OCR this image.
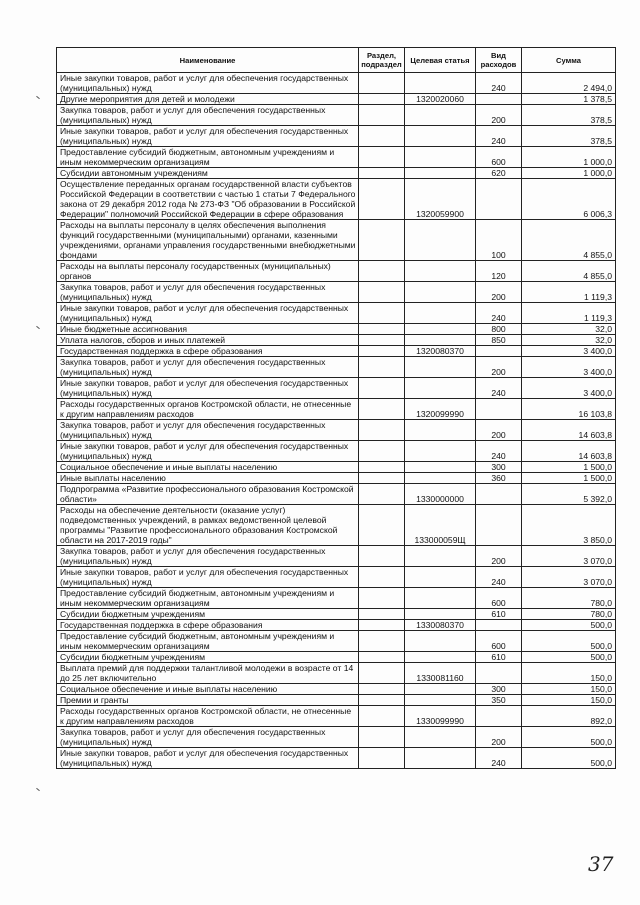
Наименование	Раздел, подраздел	Целевая статья	Вид расходов	Сумма
Иные закупки товаров, работ и услуг для обеспечения государственных (муниципальных) нужд			240	2 494,0
Другие мероприятия для детей и молодежи		1320020060		1 378,5
Закупка товаров, работ и услуг для обеспечения государственных (муниципальных) нужд			200	378,5
Иные закупки товаров, работ и услуг для обеспечения государственных (муниципальных) нужд			240	378,5
Предоставление субсидий бюджетным, автономным учреждениям и иным некоммерческим организациям			600	1 000,0
Субсидии автономным учреждениям			620	1 000,0
Осуществление переданных органам государственной власти субъектов Российской Федерации в соответствии с частью 1 статьи 7 Федерального закона от 29 декабря 2012 года № 273-ФЗ "Об образовании в Российской Федерации" полномочий Российской Федерации в сфере образования		1320059900		6 006,3
Расходы на выплаты персоналу в целях обеспечения выполнения функций государственными (муниципальными) органами, казенными учреждениями, органами управления государственными внебюджетными фондами			100	4 855,0
Расходы на выплаты персоналу государственных (муниципальных) органов			120	4 855,0
Закупка товаров, работ и услуг для обеспечения государственных (муниципальных) нужд			200	1 119,3
Иные закупки товаров, работ и услуг для обеспечения государственных (муниципальных) нужд			240	1 119,3
Иные бюджетные ассигнования			800	32,0
Уплата налогов, сборов и иных платежей			850	32,0
Государственная поддержка в сфере образования		1320080370		3 400,0
Закупка товаров, работ и услуг для обеспечения государственных (муниципальных) нужд			200	3 400,0
Иные закупки товаров, работ и услуг для обеспечения государственных (муниципальных) нужд			240	3 400,0
Расходы государственных органов Костромской области, не отнесенные к другим направлениям расходов		1320099990		16 103,8
Закупка товаров, работ и услуг для обеспечения государственных (муниципальных) нужд			200	14 603,8
Иные закупки товаров, работ и услуг для обеспечения государственных (муниципальных) нужд			240	14 603,8
Социальное обеспечение и иные выплаты населению			300	1 500,0
Иные выплаты населению			360	1 500,0
Подпрограмма «Развитие профессионального образования Костромской области»		1330000000		5 392,0
Расходы на обеспечение деятельности (оказание услуг) подведомственных учреждений, в рамках ведомственной целевой программы "Развитие профессионального образования Костромской области на 2017-2019 годы"		133000059Щ		3 850,0
Закупка товаров, работ и услуг для обеспечения государственных (муниципальных) нужд			200	3 070,0
Иные закупки товаров, работ и услуг для обеспечения государственных (муниципальных) нужд			240	3 070,0
Предоставление субсидий бюджетным, автономным учреждениям и иным некоммерческим организациям			600	780,0
Субсидии бюджетным учреждениям			610	780,0
Государственная поддержка в сфере образования		1330080370		500,0
Предоставление субсидий бюджетным, автономным учреждениям и иным некоммерческим организациям			600	500,0
Субсидии бюджетным учреждениям			610	500,0
Выплата премий для поддержки талантливой молодежи в возрасте от 14 до 25 лет включительно		1330081160		150,0
Социальное обеспечение и иные выплаты населению			300	150,0
Премии и гранты			350	150,0
Расходы государственных органов Костромской области, не отнесенные к другим направлениям расходов		1330099990		892,0
Закупка товаров, работ и услуг для обеспечения государственных (муниципальных) нужд			200	500,0
Иные закупки товаров, работ и услуг для обеспечения государственных (муниципальных) нужд			240	500,0
37
